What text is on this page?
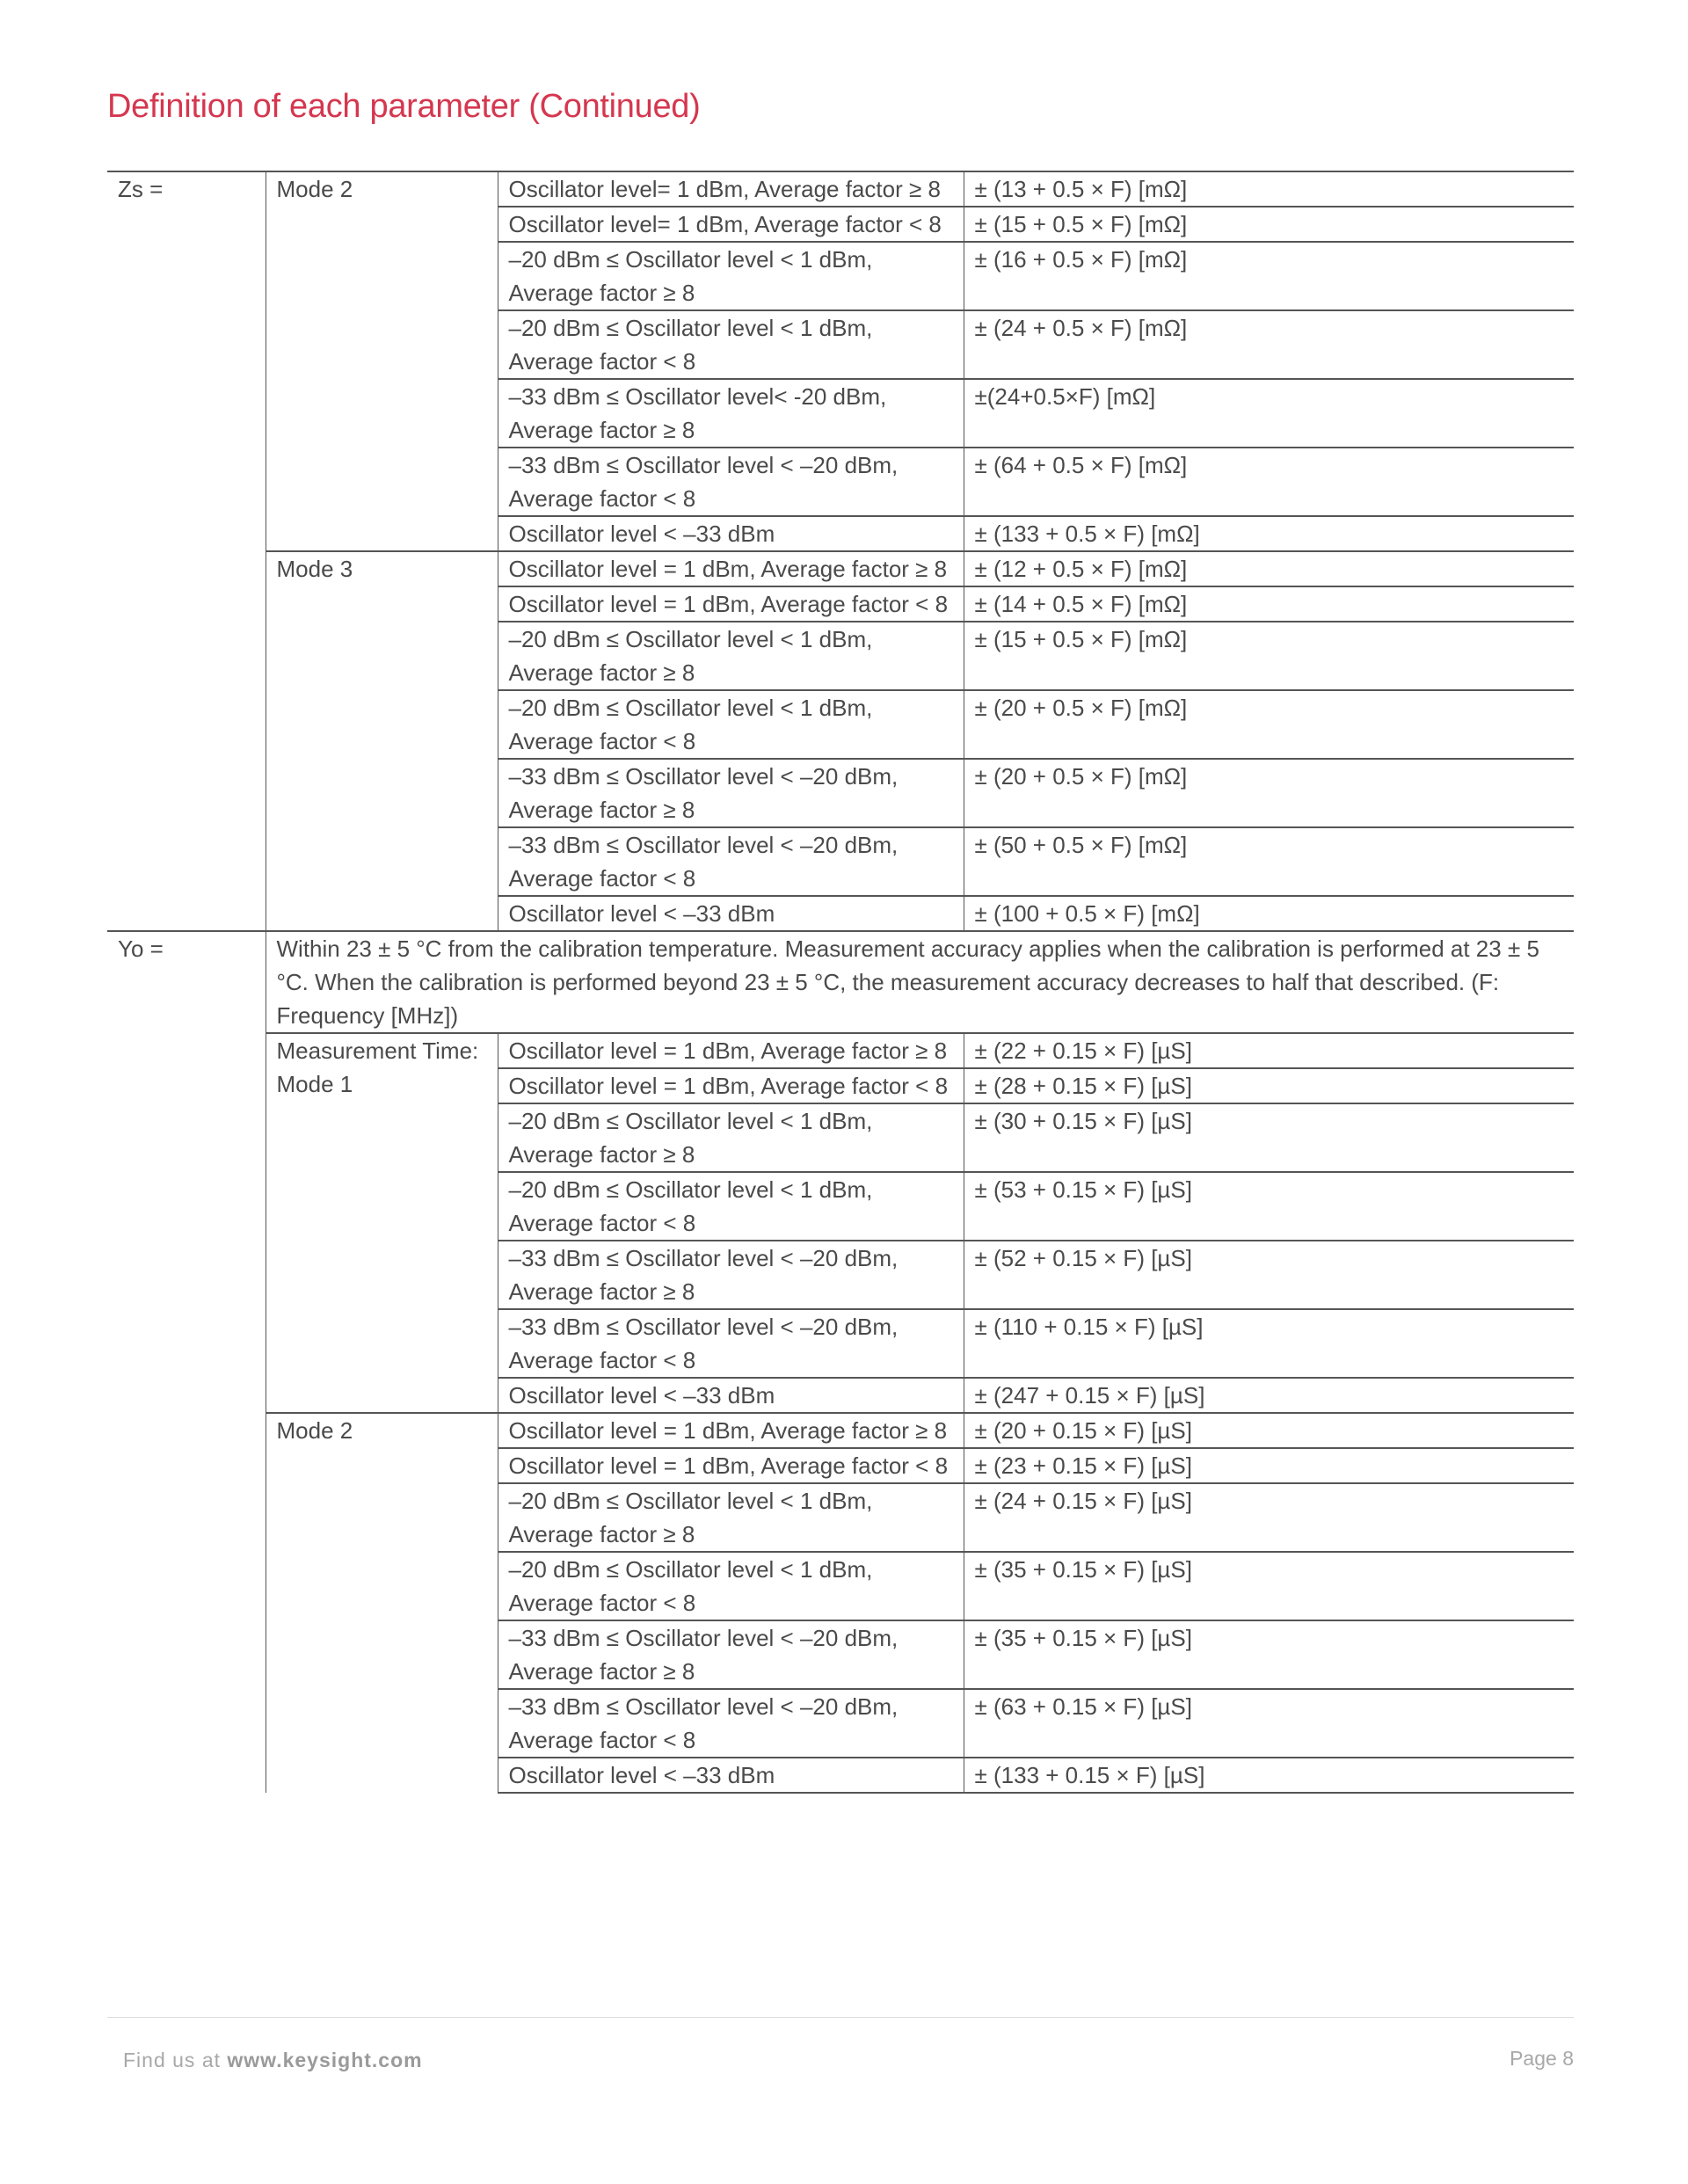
Definition of each parameter (Continued)
Zs =	Mode 2	Oscillator level= 1 dBm, Average factor ≥ 8	± (13 + 0.5 × F) [mΩ]
		Oscillator level= 1 dBm, Average factor < 8	± (15 + 0.5 × F) [mΩ]
		–20 dBm ≤ Oscillator level < 1 dBm, Average factor ≥ 8	± (16 + 0.5 × F) [mΩ]
		–20 dBm ≤ Oscillator level < 1 dBm, Average factor < 8	± (24 + 0.5 × F) [mΩ]
		–33 dBm ≤ Oscillator level< -20 dBm, Average factor ≥ 8	±(24+0.5×F) [mΩ]
		–33 dBm ≤ Oscillator level < –20 dBm, Average factor < 8	± (64 + 0.5 × F) [mΩ]
		Oscillator level < –33 dBm	± (133 + 0.5 × F) [mΩ]
	Mode 3	Oscillator level = 1 dBm, Average factor ≥ 8	± (12 + 0.5 × F) [mΩ]
		Oscillator level = 1 dBm, Average factor < 8	± (14 + 0.5 × F) [mΩ]
		–20 dBm ≤ Oscillator level < 1 dBm, Average factor ≥ 8	± (15 + 0.5 × F) [mΩ]
		–20 dBm ≤ Oscillator level < 1 dBm, Average factor < 8	± (20 + 0.5 × F) [mΩ]
		–33 dBm ≤ Oscillator level < –20 dBm, Average factor ≥ 8	± (20 + 0.5 × F) [mΩ]
		–33 dBm ≤ Oscillator level < –20 dBm, Average factor < 8	± (50 + 0.5 × F) [mΩ]
		Oscillator level < –33 dBm	± (100 + 0.5 × F) [mΩ]
Yo =	Within 23 ± 5 °C from the calibration temperature. Measurement accuracy applies when the calibration is performed at 23 ± 5 °C. When the calibration is performed beyond 23 ± 5 °C, the measurement accuracy decreases to half that described. (F: Frequency [MHz])		
	Measurement Time: Mode 1	Oscillator level = 1 dBm, Average factor ≥ 8	± (22 + 0.15 × F) [µS]
		Oscillator level = 1 dBm, Average factor < 8	± (28 + 0.15 × F) [µS]
		–20 dBm ≤ Oscillator level < 1 dBm, Average factor ≥ 8	± (30 + 0.15 × F) [µS]
		–20 dBm ≤ Oscillator level < 1 dBm, Average factor < 8	± (53 + 0.15 × F) [µS]
		–33 dBm ≤ Oscillator level < –20 dBm, Average factor ≥ 8	± (52 + 0.15 × F) [µS]
		–33 dBm ≤ Oscillator level < –20 dBm, Average factor < 8	± (110 + 0.15 × F) [µS]
		Oscillator level < –33 dBm	± (247 + 0.15 × F) [µS]
	Mode 2	Oscillator level = 1 dBm, Average factor ≥ 8	± (20 + 0.15 × F) [µS]
		Oscillator level = 1 dBm, Average factor < 8	± (23 + 0.15 × F) [µS]
		–20 dBm ≤ Oscillator level < 1 dBm, Average factor ≥ 8	± (24 + 0.15 × F) [µS]
		–20 dBm ≤ Oscillator level < 1 dBm, Average factor < 8	± (35 + 0.15 × F) [µS]
		–33 dBm ≤ Oscillator level < –20 dBm, Average factor ≥ 8	± (35 + 0.15 × F) [µS]
		–33 dBm ≤ Oscillator level < –20 dBm, Average factor < 8	± (63 + 0.15 × F) [µS]
		Oscillator level < –33 dBm	± (133 + 0.15 × F) [µS]
Find us at www.keysight.com	Page 8
